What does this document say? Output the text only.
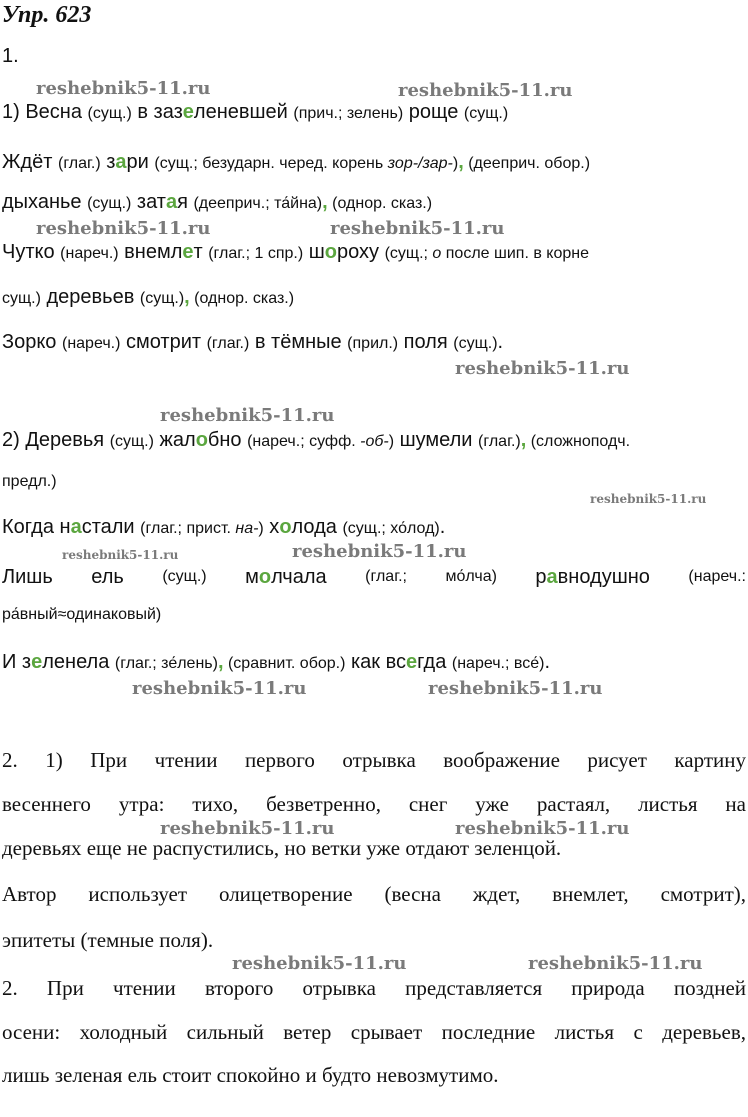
Упр. 623
1.
reshebnik5-11.ru	reshebnik5-11.ru
reshebnik5-11.ru	reshebnik5-11.ru
reshebnik5-11.ru
reshebnik5-11.ru
reshebnik5-11.ru
reshebnik5-11.ru	reshebnik5-11.ru
reshebnik5-11.ru	reshebnik5-11.ru
reshebnik5-11.ru	reshebnik5-11.ru
reshebnik5-11.ru	reshebnik5-11.ru
1) Весна (сущ.) в зазеленевшей (прич.; зелень) роще (сущ.)
Ждёт (глаг.) зари (сущ.; безударн. черед. корень зор-/зар-), (дееприч. обор.)
дыханье (сущ.) затая (дееприч.; та́йна), (однор. сказ.)
Чутко (нареч.) внемлет (глаг.; 1 спр.) шороху (сущ.; о после шип. в корне
сущ.) деревьев (сущ.), (однор. сказ.)
Зорко (нареч.) смотрит (глаг.) в тёмные (прил.) поля (сущ.).
2) Деревья (сущ.) жалобно (нареч.; суфф. -об-) шумели (глаг.), (сложноподч.
предл.)
Когда настали (глаг.; прист. на-) холода (сущ.; хо́лод).
Лишь ель (сущ.) молчала (глаг.; мо́лча) равнодушно (нареч.:
ра́вный≈одинаковый)
И зеленела (глаг.; зе́лень), (сравнит. обор.) как всегда (нареч.; все́).
2. 1) При чтении первого отрывка воображение рисует картину
весеннего утра: тихо, безветренно, снег уже растаял, листья на
деревьях еще не распустились, но ветки уже отдают зеленцой.
Автор использует олицетворение (весна ждет, внемлет, смотрит),
эпитеты (темные поля).
2. При чтении второго отрывка представляется природа поздней
осени: холодный сильный ветер срывает последние листья с деревьев,
лишь зеленая ель стоит спокойно и будто невозмутимо.
